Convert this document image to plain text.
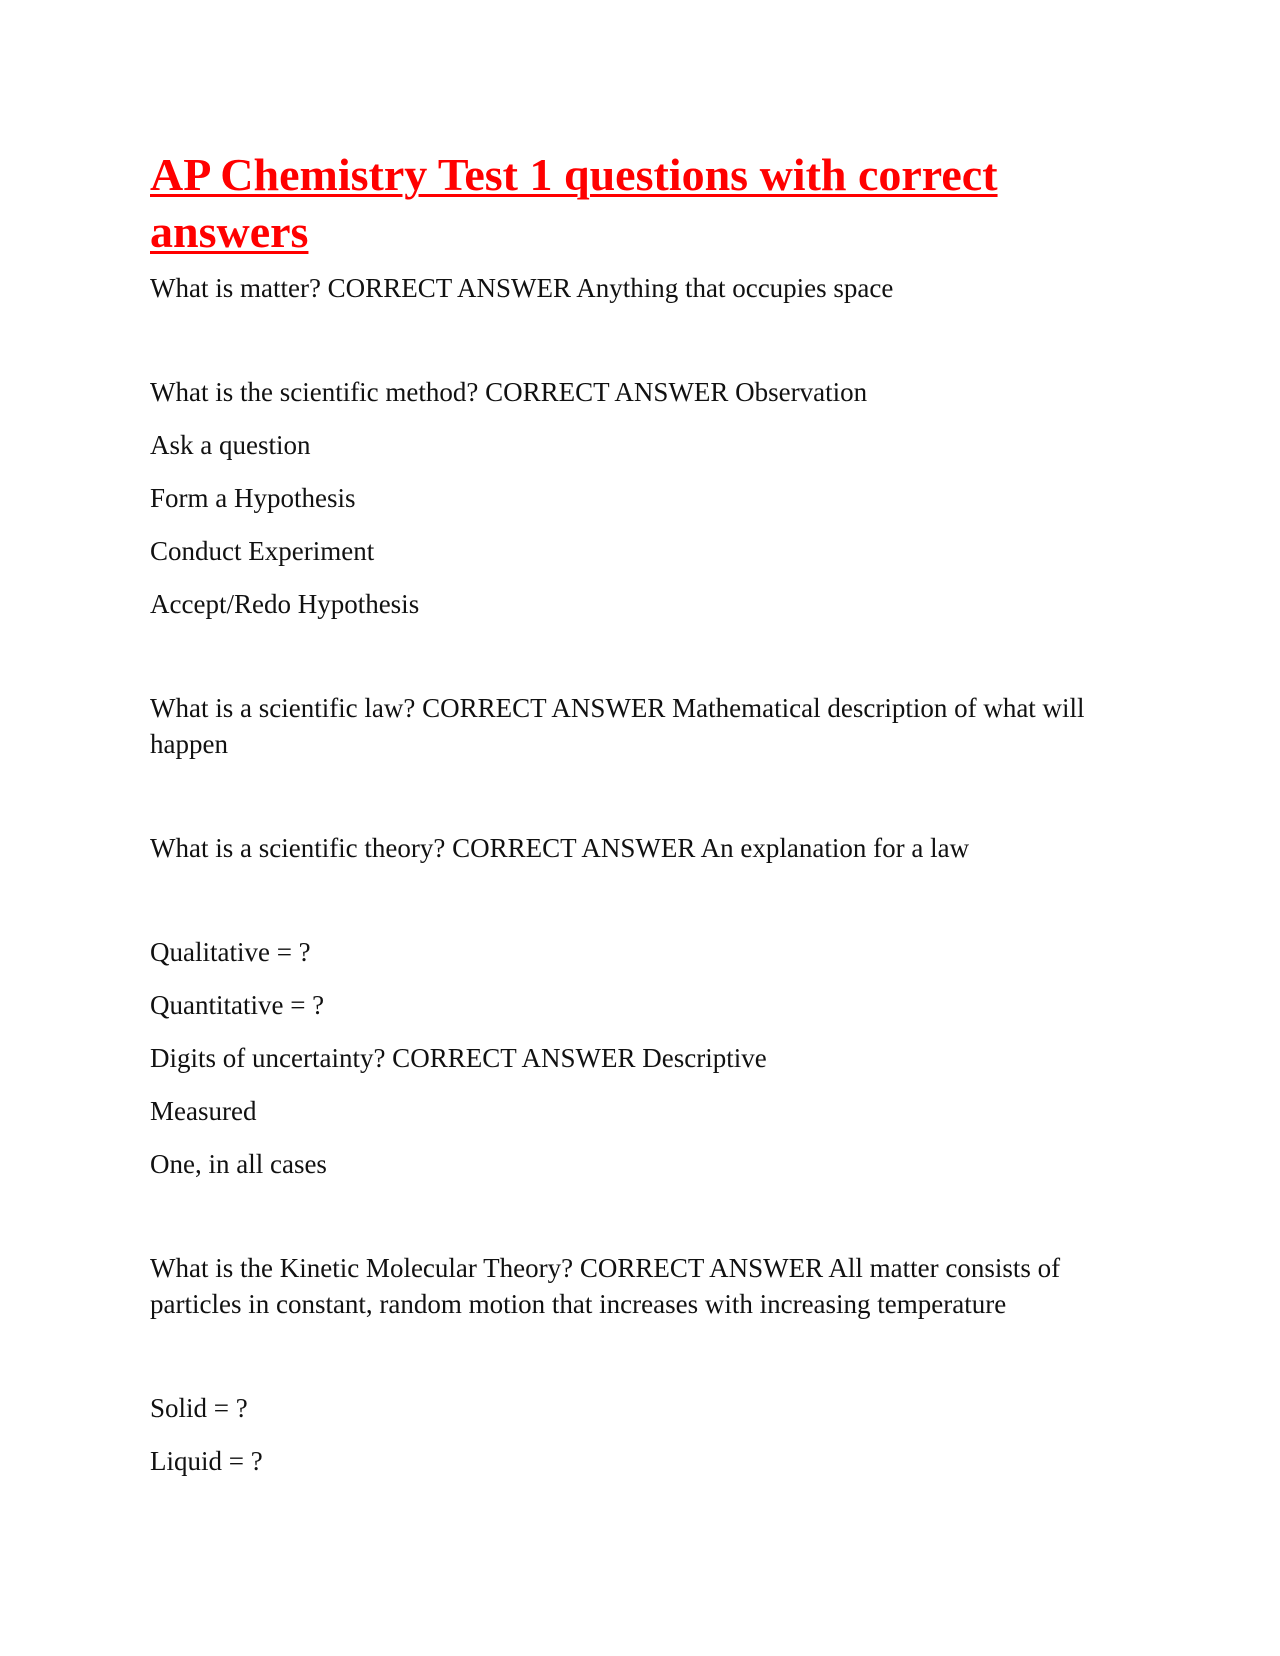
AP Chemistry Test 1 questions with correct answers

What is matter? CORRECT ANSWER Anything that occupies space

What is the scientific method? CORRECT ANSWER Observation

Ask a question

Form a Hypothesis

Conduct Experiment

Accept/Redo Hypothesis

What is a scientific law? CORRECT ANSWER Mathematical description of what will happen

What is a scientific theory? CORRECT ANSWER An explanation for a law

Qualitative = ?

Quantitative = ?

Digits of uncertainty? CORRECT ANSWER Descriptive

Measured

One, in all cases

What is the Kinetic Molecular Theory? CORRECT ANSWER All matter consists of particles in constant, random motion that increases with increasing temperature

Solid = ?

Liquid = ?
